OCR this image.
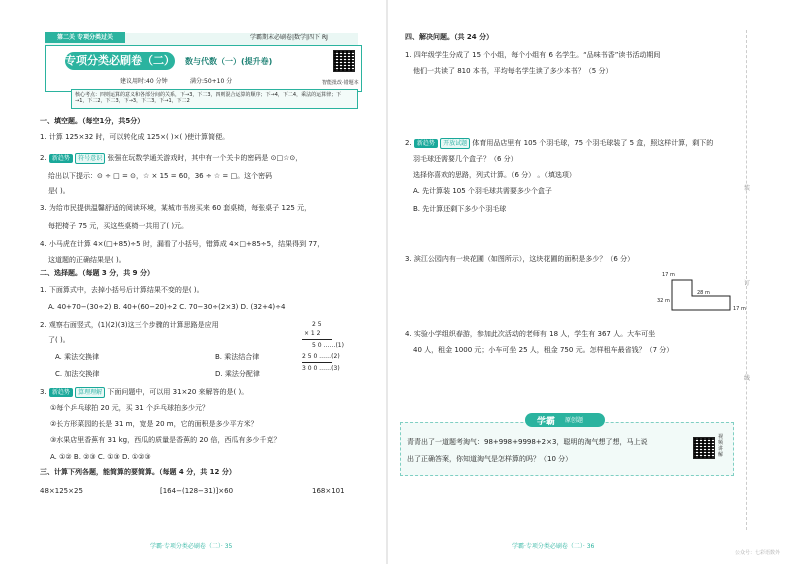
第二关 专项分类过关	学霸期末必刷卷|数学|四下 RJ
专项分类必刷卷（二） 数与代数（一）(提升卷)
建议用时:40 分钟	满分:50+10 分	智能批改·错题本
核心考点：四则运算的意义和各部分间的关系，下→3，下二3，四则混合运算的顺序；下→4，下二4，乘法的运算律；下→1，下二2，下二3，下→3，下二3，下→1，下二2
一、填空题。（每空1分，共5分）
1. 计算 125×32 时，可以转化成 125×( )×( )使计算简便。
2. 新趋势 符号意识 张强在玩数学通关游戏时，其中有一个关卡的密码是 ⊙□☆⊙，
给出以下提示：⊙ ÷ □ = ⊙，☆ × 15 = 60，36 ÷ ☆ = □。这个密码
是( )。
3. 为给市民提供温馨舒适的阅读环境，某城市书房买来 60 套桌椅，每张桌子 125 元，
每把椅子 75 元，买这些桌椅一共用了( )元。
4. 小马虎在计算 4×(□+85)÷5 时，漏看了小括号，错算成 4×□+85÷5，结果得到 77，
这道题的正确结果是( )。
二、选择题。（每题 3 分，共 9 分）
1. 下面算式中，去掉小括号后计算结果不变的是( )。
A. 40+70−(30÷2) B. 40+(60−20)÷2 C. 70−30÷(2×3) D. (32+4)÷4
2. 观察右面竖式，(1)(2)(3)这三个步骤的计算思路是应用
了( )。
A. 乘法交换律	B. 乘法结合律
C. 加法交换律	D. 乘法分配律
2 5
× 1 2
5 0 ……(1)
2 5 0 ……(2)
3 0 0 ……(3)
3. 新趋势 算理理解 下面问题中，可以用 31×20 来解答的是( )。
①每个乒乓球拍 20 元，买 31 个乒乓球拍多少元？
②长方形菜园的长是 31 m，宽是 20 m，它的面积是多少平方米？
③水果店里香蕉有 31 kg，西瓜的质量是香蕉的 20 倍，西瓜有多少千克？
A. ①② B. ②③ C. ①③ D. ①②③
三、计算下列各题，能简算的要简算。（每题 4 分，共 12 分）
48×125×25	[164−(128−31)]×60	168×101
学霸·专项分类必刷卷（二）· 35
四、解决问题。（共 24 分）
1. 四年级学生分成了 15 个小组，每个小组有 6 名学生。“品味书香”读书活动期间
他们一共读了 810 本书，平均每名学生读了多少本书？（5 分）
2. 新趋势 开放试题 体育用品店里有 105 个羽毛球，75 个羽毛球装了 5 盒，照这样计算，剩下的
羽毛球还需要几个盒子？（6 分）
选择你喜欢的思路，列式计算。（6 分） 。（填选项）
A. 先计算装 105 个羽毛球共需要多少个盒子
B. 先计算还剩下多少个羽毛球
3. 滨江公园内有一块花圃（如图所示），这块花圃的面积是多少？（6 分）
17 m
28 m
32 m
17 m
4. 实验小学组织春游，参加此次活动的老师有 18 人，学生有 367 人。大车可坐
40 人，租金 1000 元；小车可坐 25 人，租金 750 元。怎样租车最省钱？（7 分）
学霸 原创题
青青出了一道题考淘气：98+998+9998+2×3，聪明的淘气想了想，马上说
出了正确答案，你知道淘气是怎样算的吗？（10 分）
视频讲解
学霸·专项分类必刷卷（二）· 36
公众号：七彩语数外
装
订
线
